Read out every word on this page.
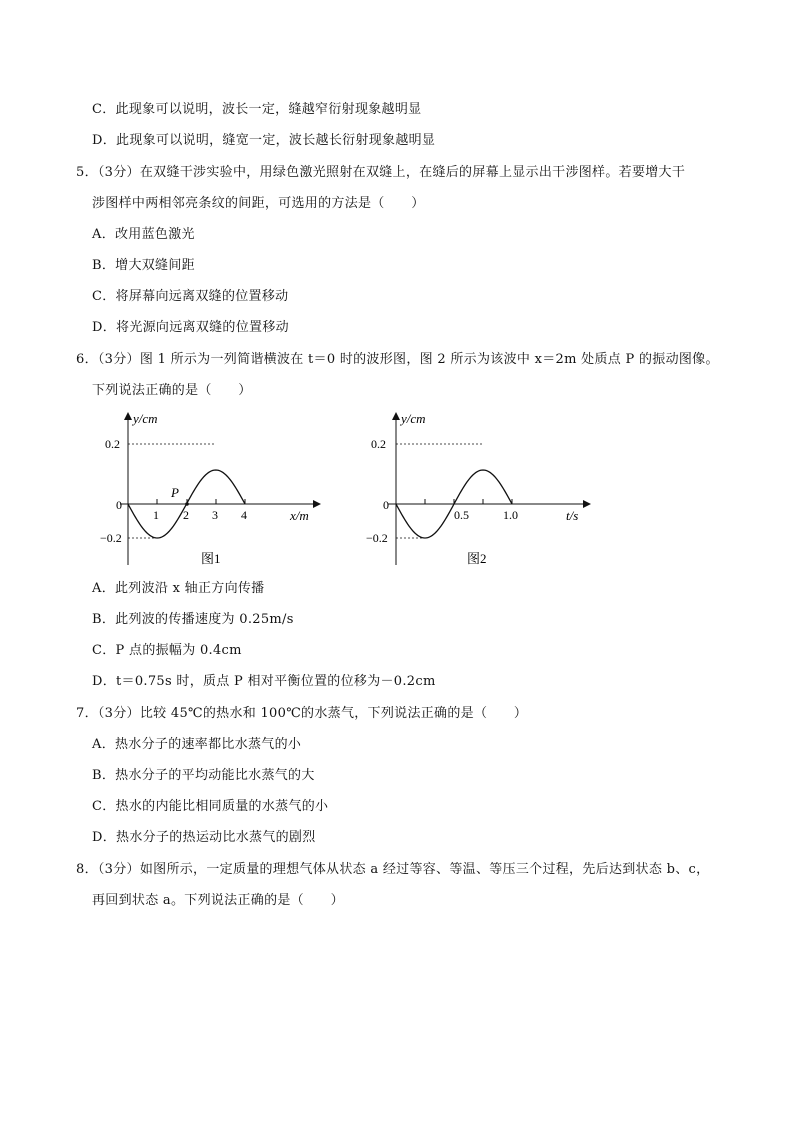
C．此现象可以说明，波长一定，缝越窄衍射现象越明显
D．此现象可以说明，缝宽一定，波长越长衍射现象越明显
5．（3分）在双缝干涉实验中，用绿色激光照射在双缝上，在缝后的屏幕上显示出干涉图样。若要增大干
涉图样中两相邻亮条纹的间距，可选用的方法是（　　）
A．改用蓝色激光
B．增大双缝间距
C．将屏幕向远离双缝的位置移动
D．将光源向远离双缝的位置移动
6．（3分）图 1 所示为一列简谐横波在 t＝0 时的波形图，图 2 所示为该波中 x＝2m 处质点 P 的振动图像。
下列说法正确的是（　　）
y/cm
x/m
0.2
0
−0.2
1 2 3 4
P
图1
y/cm
t/s
0.2
0
−0.2
0.5	1.0
图2
A．此列波沿 x 轴正方向传播
B．此列波的传播速度为 0.25m/s
C．P 点的振幅为 0.4cm
D．t＝0.75s 时，质点 P 相对平衡位置的位移为－0.2cm
7．（3分）比较 45℃的热水和 100℃的水蒸气，下列说法正确的是（　　）
A．热水分子的速率都比水蒸气的小
B．热水分子的平均动能比水蒸气的大
C．热水的内能比相同质量的水蒸气的小
D．热水分子的热运动比水蒸气的剧烈
8．（3分）如图所示，一定质量的理想气体从状态 a 经过等容、等温、等压三个过程，先后达到状态 b、c，
再回到状态 a。下列说法正确的是（　　）
